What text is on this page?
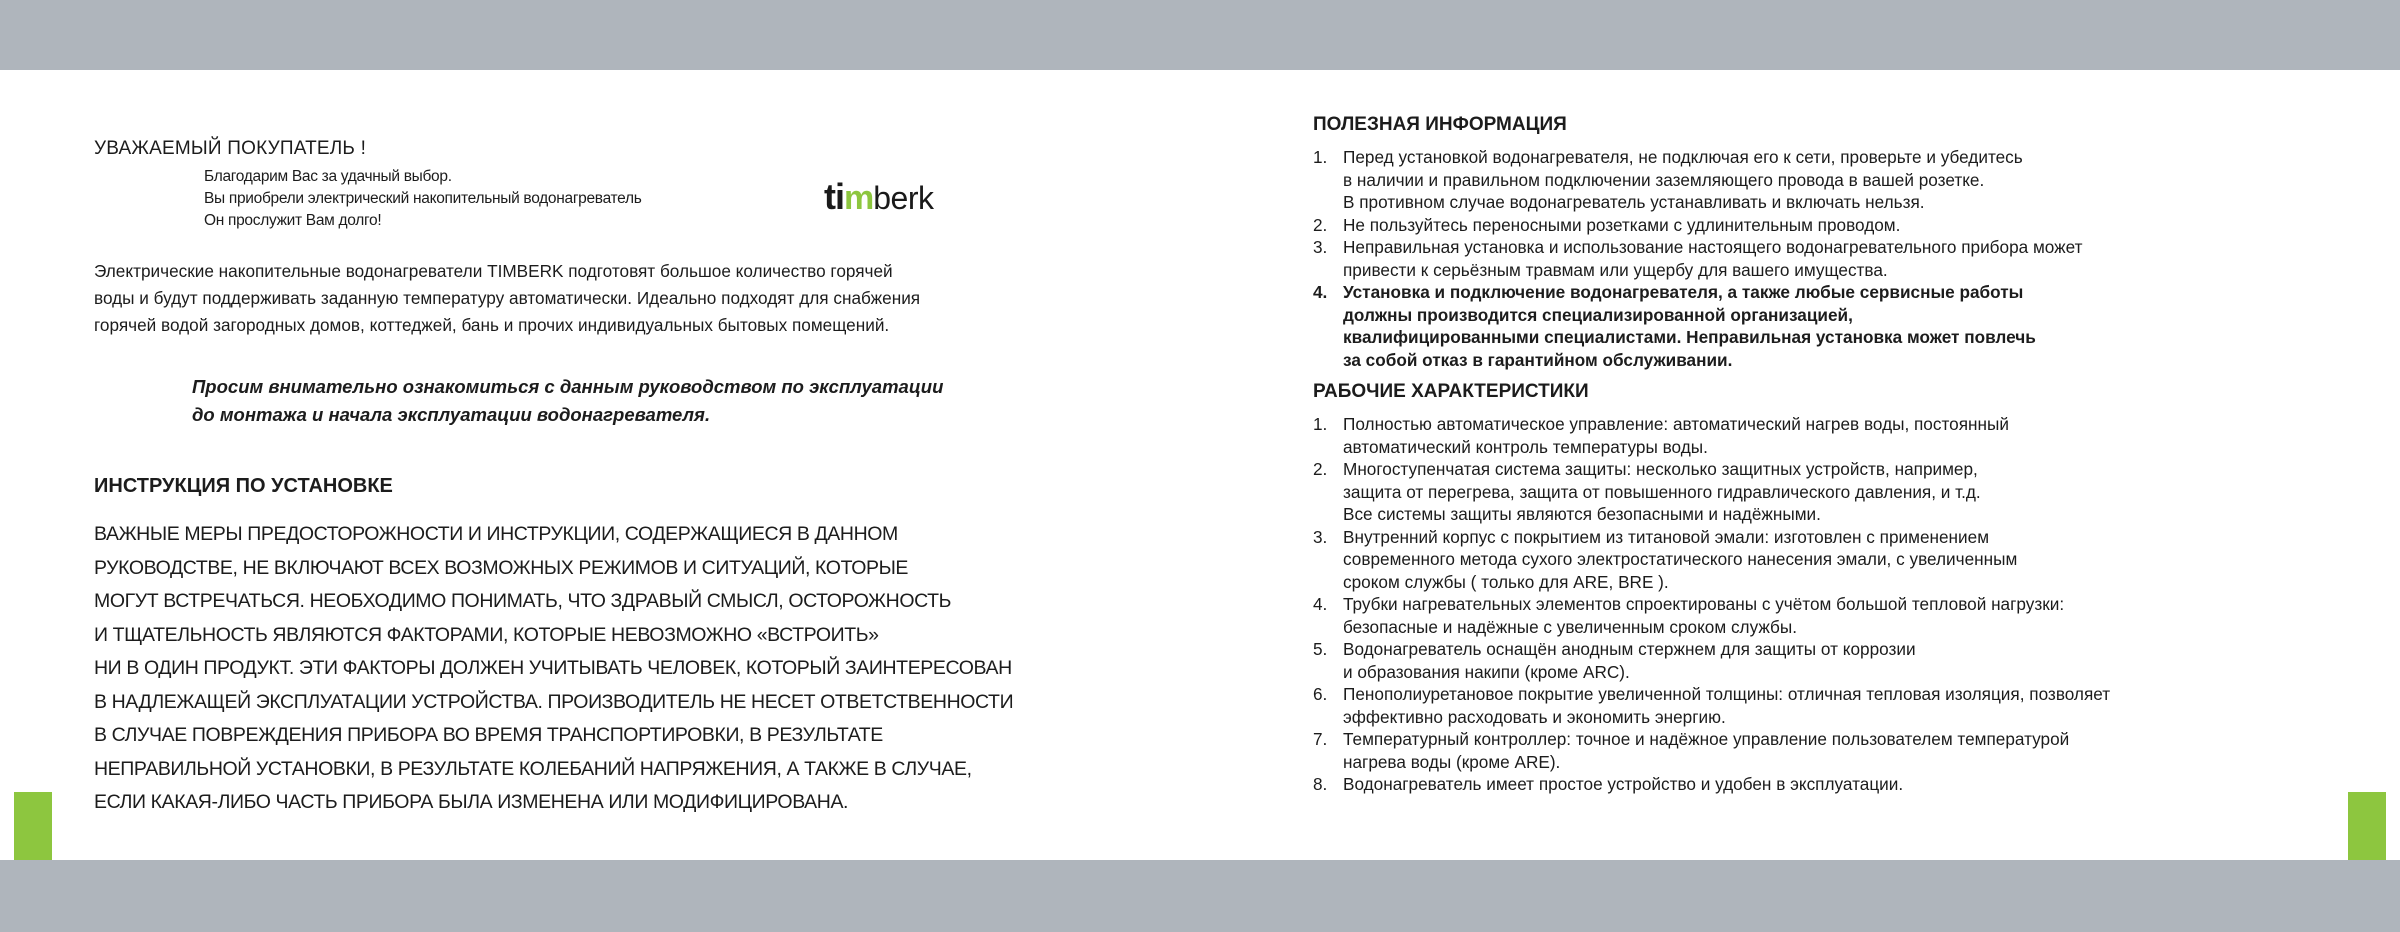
УВАЖАЕМЫЙ ПОКУПАТЕЛЬ !
Благодарим Вас за удачный выбор.
Вы приобрели электрический накопительный водонагреватель
Он прослужит Вам долго!
ti m berk

Электрические накопительные водонагреватели TIMBERK подготовят большое количество горячей

воды и будут поддерживать заданную температуру автоматически. Идеально подходят для снабжения

горячей водой загородных домов, коттеджей, бань и прочих индивидуальных бытовых помещений.

Просим внимательно ознакомиться с данным руководством по эксплуатации
до монтажа и начала эксплуатации водонагревателя.
ИНСТРУКЦИЯ ПО УСТАНОВКЕ
ВАЖНЫЕ МЕРЫ ПРЕДОСТОРОЖНОСТИ И ИНСТРУКЦИИ, СОДЕРЖАЩИЕСЯ В ДАННОМ
РУКОВОДСТВЕ, НЕ ВКЛЮЧАЮТ ВСЕХ ВОЗМОЖНЫХ РЕЖИМОВ И СИТУАЦИЙ, КОТОРЫЕ
МОГУТ ВСТРЕЧАТЬСЯ. НЕОБХОДИМО ПОНИМАТЬ, ЧТО ЗДРАВЫЙ СМЫСЛ, ОСТОРОЖНОСТЬ
И ТЩАТЕЛЬНОСТЬ ЯВЛЯЮТСЯ ФАКТОРАМИ, КОТОРЫЕ НЕВОЗМОЖНО «ВСТРОИТЬ»
НИ В ОДИН ПРОДУКТ. ЭТИ ФАКТОРЫ ДОЛЖЕН УЧИТЫВАТЬ ЧЕЛОВЕК, КОТОРЫЙ ЗАИНТЕРЕСОВАН
В НАДЛЕЖАЩЕЙ ЭКСПЛУАТАЦИИ УСТРОЙСТВА. ПРОИЗВОДИТЕЛЬ НЕ НЕСЕТ ОТВЕТСТВЕННОСТИ
В СЛУЧАЕ ПОВРЕЖДЕНИЯ ПРИБОРА ВО ВРЕМЯ ТРАНСПОРТИРОВКИ, В РЕЗУЛЬТАТЕ
НЕПРАВИЛЬНОЙ УСТАНОВКИ, В РЕЗУЛЬТАТЕ КОЛЕБАНИЙ НАПРЯЖЕНИЯ, А ТАКЖЕ В СЛУЧАЕ,
ЕСЛИ КАКАЯ-ЛИБО ЧАСТЬ ПРИБОРА БЫЛА ИЗМЕНЕНА ИЛИ МОДИФИЦИРОВАНА.
ПОЛЕЗНАЯ ИНФОРМАЦИЯ
1. Перед установкой водонагревателя, не подключая его к сети, проверьте и убедитесь
в наличии и правильном подключении заземляющего провода в вашей розетке.
В противном случае водонагреватель устанавливать и включать нельзя.
2. Не пользуйтесь переносными розетками с удлинительным проводом.
3. Неправильная установка и использование настоящего водонагревательного прибора может
привести к серьёзным травмам или ущербу для вашего имущества.
4. Установка и подключение водонагревателя, а также любые сервисные работы
должны производится специализированной организацией,
квалифицированными специалистами. Неправильная установка может повлечь
за собой отказ в гарантийном обслуживании.
РАБОЧИЕ ХАРАКТЕРИСТИКИ
1. Полностью автоматическое управление: автоматический нагрев воды, постоянный
автоматический контроль температуры воды.
2. Многоступенчатая система защиты: несколько защитных устройств, например,
защита от перегрева, защита от повышенного гидравлического давления, и т.д.
Все системы защиты являются безопасными и надёжными.
3. Внутренний корпус с покрытием из титановой эмали: изготовлен с применением
современного метода сухого электростатического нанесения эмали, с увеличенным
сроком службы ( только для ARE, BRE ).
4. Трубки нагревательных элементов спроектированы с учётом большой тепловой нагрузки:
безопасные и надёжные с увеличенным сроком службы.
5. Водонагреватель оснащён анодным стержнем для защиты от коррозии
и образования накипи (кроме ARC).
6. Пенополиуретановое покрытие увеличенной толщины: отличная тепловая изоляция, позволяет
эффективно расходовать и экономить энергию.
7. Температурный контроллер: точное и надёжное управление пользователем температурой
нагрева воды (кроме ARE).
8. Водонагреватель имеет простое устройство и удобен в эксплуатации.
